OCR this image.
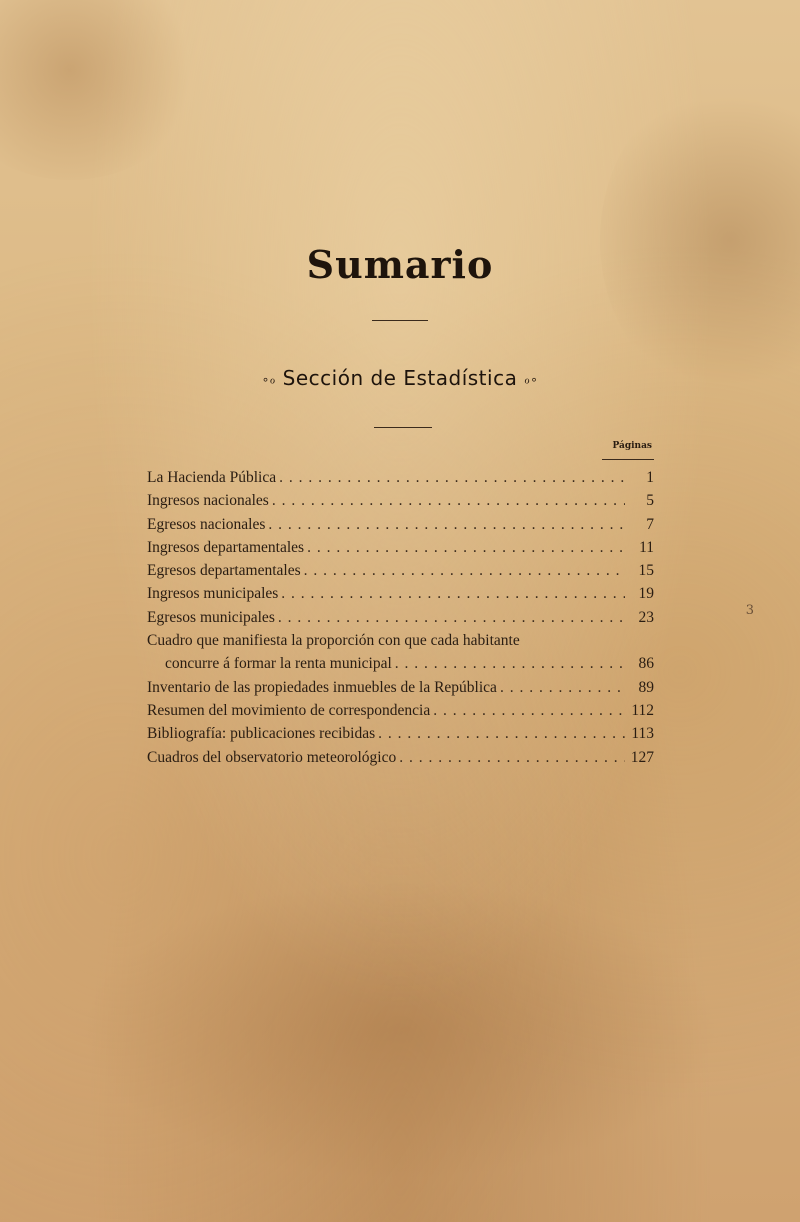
Sumario
∘ℴ Sección de Estadística ℴ∘
Páginas
La Hacienda Pública . . .	1
Ingresos nacionales . . .	5
Egresos nacionales . . .	7
Ingresos departamentales . . .	11
Egresos departamentales . . .	15
Ingresos municipales . . .	19
Egresos municipales . . .	23
Cuadro que manifiesta la proporción con que cada habitante
concurre á formar la renta municipal . . .	86
Inventario de las propiedades inmuebles de la República . . .	89
Resumen del movimiento de correspondencia . . .	112
Bibliografía: publicaciones recibidas . . .	113
Cuadros del observatorio meteorológico . . .	127
3
